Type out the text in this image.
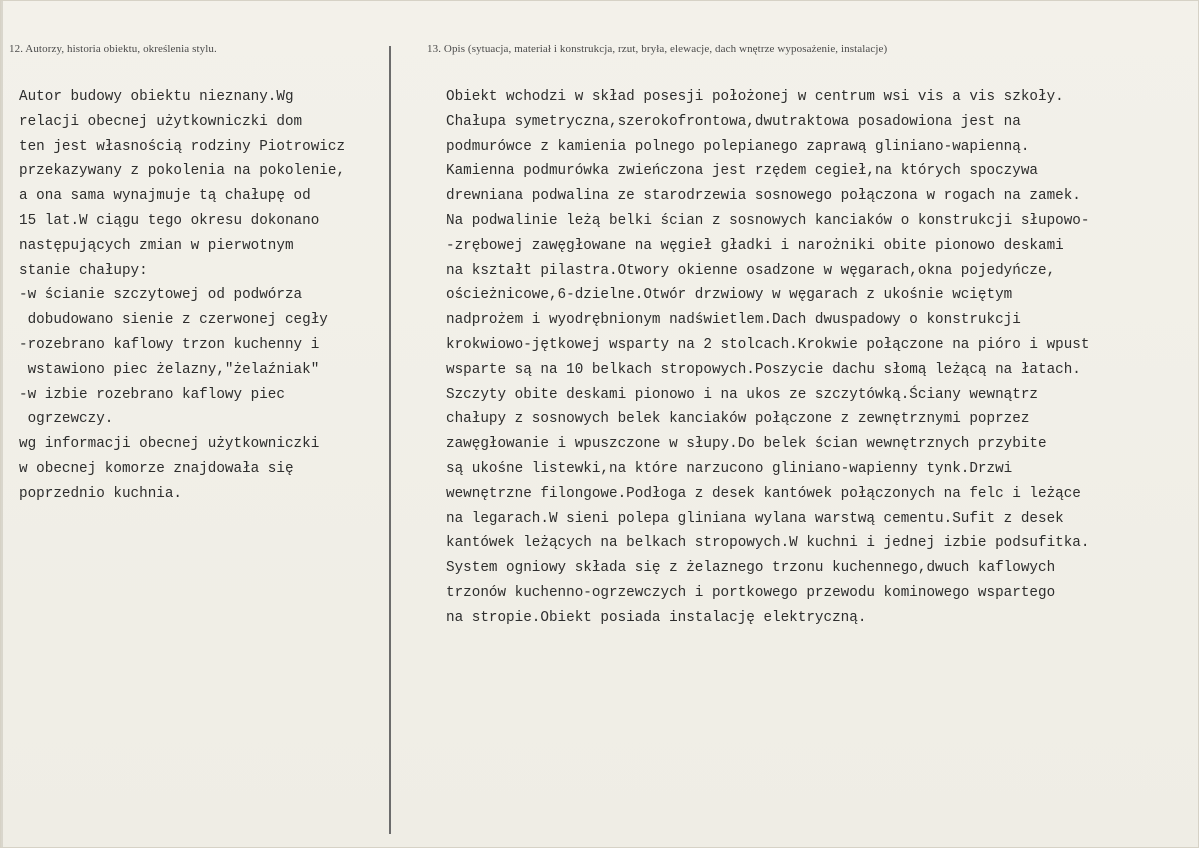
12. Autorzy, historia obiektu, określenia stylu.	13. Opis (sytuacja, materiał i konstrukcja, rzut, bryła, elewacje, dach wnętrze wyposażenie, instalacje)
Autor budowy obiektu nieznany.Wg
relacji obecnej użytkowniczki dom
ten jest własnością rodziny Piotrowicz
przekazywany z pokolenia na pokolenie,
a ona sama wynajmuje tą chałupę od
15 lat.W ciągu tego okresu dokonano
następujących zmian w pierwotnym
stanie chałupy:
-w ścianie szczytowej od podwórza
dobudowano sienie z czerwonej cegły
-rozebrano kaflowy trzon kuchenny i
wstawiono piec żelazny,"żelaźniak"
-w izbie rozebrano kaflowy piec
ogrzewczy.
wg informacji obecnej użytkowniczki
w obecnej komorze znajdowała się
poprzednio kuchnia.
Obiekt wchodzi w skład posesji położonej w centrum wsi vis a vis szkoły.
Chałupa symetryczna,szerokofrontowa,dwutraktowa posadowiona jest na
podmurówce z kamienia polnego polepianego zaprawą gliniano-wapienną.
Kamienna podmurówka zwieńczona jest rzędem cegieł,na których spoczywa
drewniana podwalina ze starodrzewia sosnowego połączona w rogach na zamek.
Na podwalinie leżą belki ścian z sosnowych kanciaków o konstrukcji słupowo-
-zrębowej zawęgłowane na węgieł gładki i narożniki obite pionowo deskami
na kształt pilastra.Otwory okienne osadzone w węgarach,okna pojedyńcze,
ościeżnicowe,6-dzielne.Otwór drzwiowy w węgarach z ukośnie wciętym
nadprożem i wyodrębnionym nadświetlem.Dach dwuspadowy o konstrukcji
krokwiowo-jętkowej wsparty na 2 stolcach.Krokwie połączone na pióro i wpust
wsparte są na 10 belkach stropowych.Poszycie dachu słomą leżącą na łatach.
Szczyty obite deskami pionowo i na ukos ze szczytówką.Ściany wewnątrz
chałupy z sosnowych belek kanciaków połączone z zewnętrznymi poprzez
zawęgłowanie i wpuszczone w słupy.Do belek ścian wewnętrznych przybite
są ukośne listewki,na które narzucono gliniano-wapienny tynk.Drzwi
wewnętrzne filongowe.Podłoga z desek kantówek połączonych na felc i leżące
na legarach.W sieni polepa gliniana wylana warstwą cementu.Sufit z desek
kantówek leżących na belkach stropowych.W kuchni i jednej izbie podsufitka.
System ogniowy składa się z żelaznego trzonu kuchennego,dwuch kaflowych
trzonów kuchenno-ogrzewczych i portkowego przewodu kominowego wspartego
na stropie.Obiekt posiada instalację elektryczną.
